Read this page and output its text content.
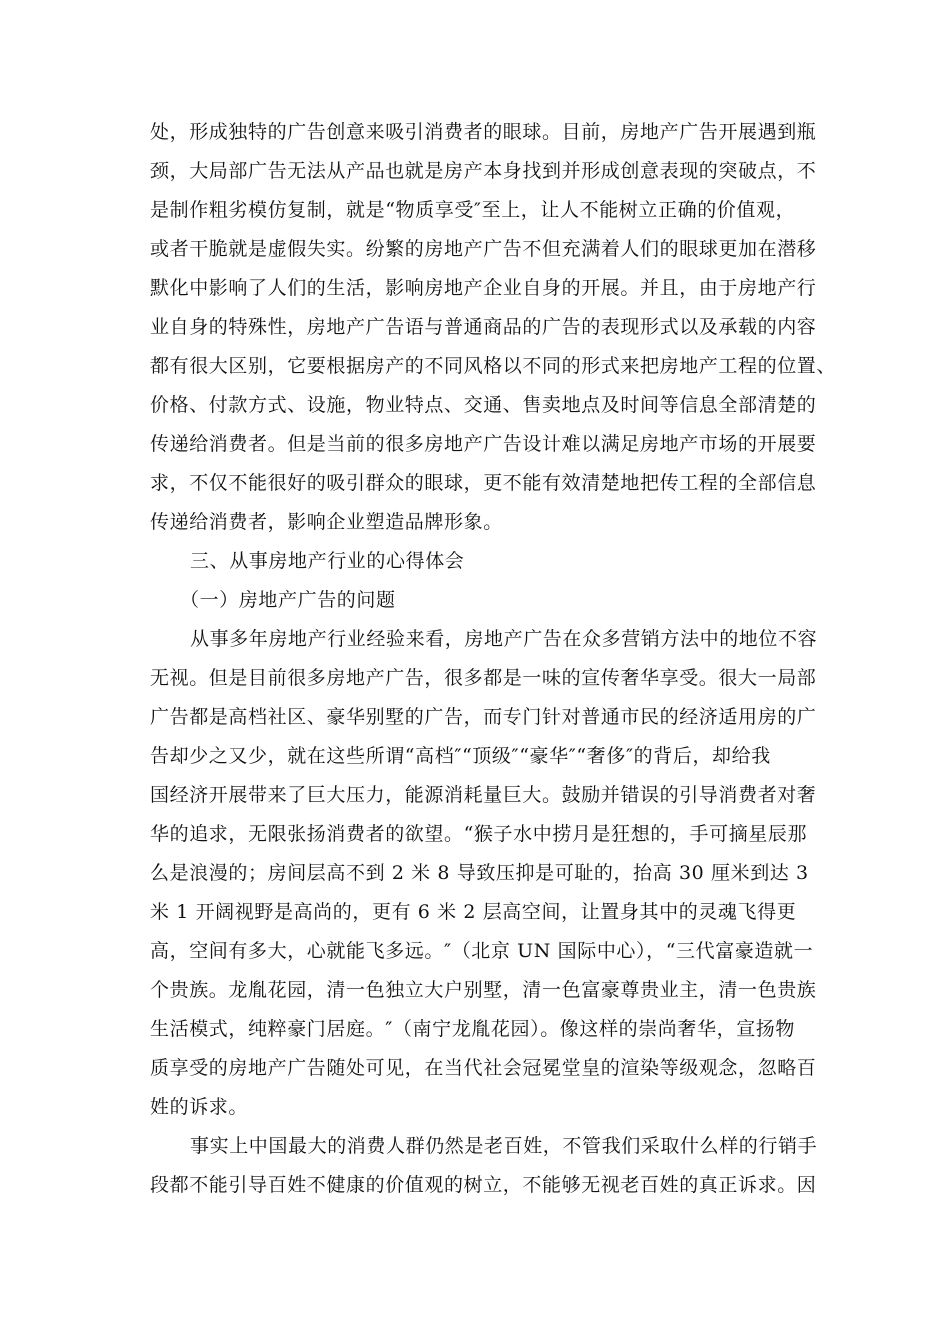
处，形成独特的广告创意来吸引消费者的眼球。目前，房地产广告开展遇到瓶
颈，大局部广告无法从产品也就是房产本身找到并形成创意表现的突破点，不
是制作粗劣模仿复制，就是“物质享受″至上，让人不能树立正确的价值观，
或者干脆就是虚假失实。纷繁的房地产广告不但充满着人们的眼球更加在潜移
默化中影响了人们的生活，影响房地产企业自身的开展。并且，由于房地产行
业自身的特殊性，房地产广告语与普通商品的广告的表现形式以及承载的内容
都有很大区别，它要根据房产的不同风格以不同的形式来把房地产工程的位置、
价格、付款方式、设施，物业特点、交通、售卖地点及时间等信息全部清楚的
传递给消费者。但是当前的很多房地产广告设计难以满足房地产市场的开展要
求，不仅不能很好的吸引群众的眼球，更不能有效清楚地把传工程的全部信息
传递给消费者，影响企业塑造品牌形象。
三、从事房地产行业的心得体会
（一）房地产广告的问题
从事多年房地产行业经验来看，房地产广告在众多营销方法中的地位不容
无视。但是目前很多房地产广告，很多都是一味的宣传奢华享受。很大一局部
广告都是高档社区、豪华别墅的广告，而专门针对普通市民的经济适用房的广
告却少之又少，就在这些所谓“高档″“顶级″“豪华″“奢侈″的背后，却给我
国经济开展带来了巨大压力，能源消耗量巨大。鼓励并错误的引导消费者对奢
华的追求，无限张扬消费者的欲望。“猴子水中捞月是狂想的，手可摘星辰那
么是浪漫的；房间层高不到 2 米 8 导致压抑是可耻的，抬高 30 厘米到达 3
米 1 开阔视野是高尚的，更有 6 米 2 层高空间，让置身其中的灵魂飞得更
高，空间有多大，心就能飞多远。″（北京 UN 国际中心），“三代富豪造就一
个贵族。龙胤花园，清一色独立大户别墅，清一色富豪尊贵业主，清一色贵族
生活模式，纯粹豪门居庭。″（南宁龙胤花园）。像这样的崇尚奢华，宣扬物
质享受的房地产广告随处可见，在当代社会冠冕堂皇的渲染等级观念，忽略百
姓的诉求。
事实上中国最大的消费人群仍然是老百姓，不管我们采取什么样的行销手
段都不能引导百姓不健康的价值观的树立，不能够无视老百姓的真正诉求。因
